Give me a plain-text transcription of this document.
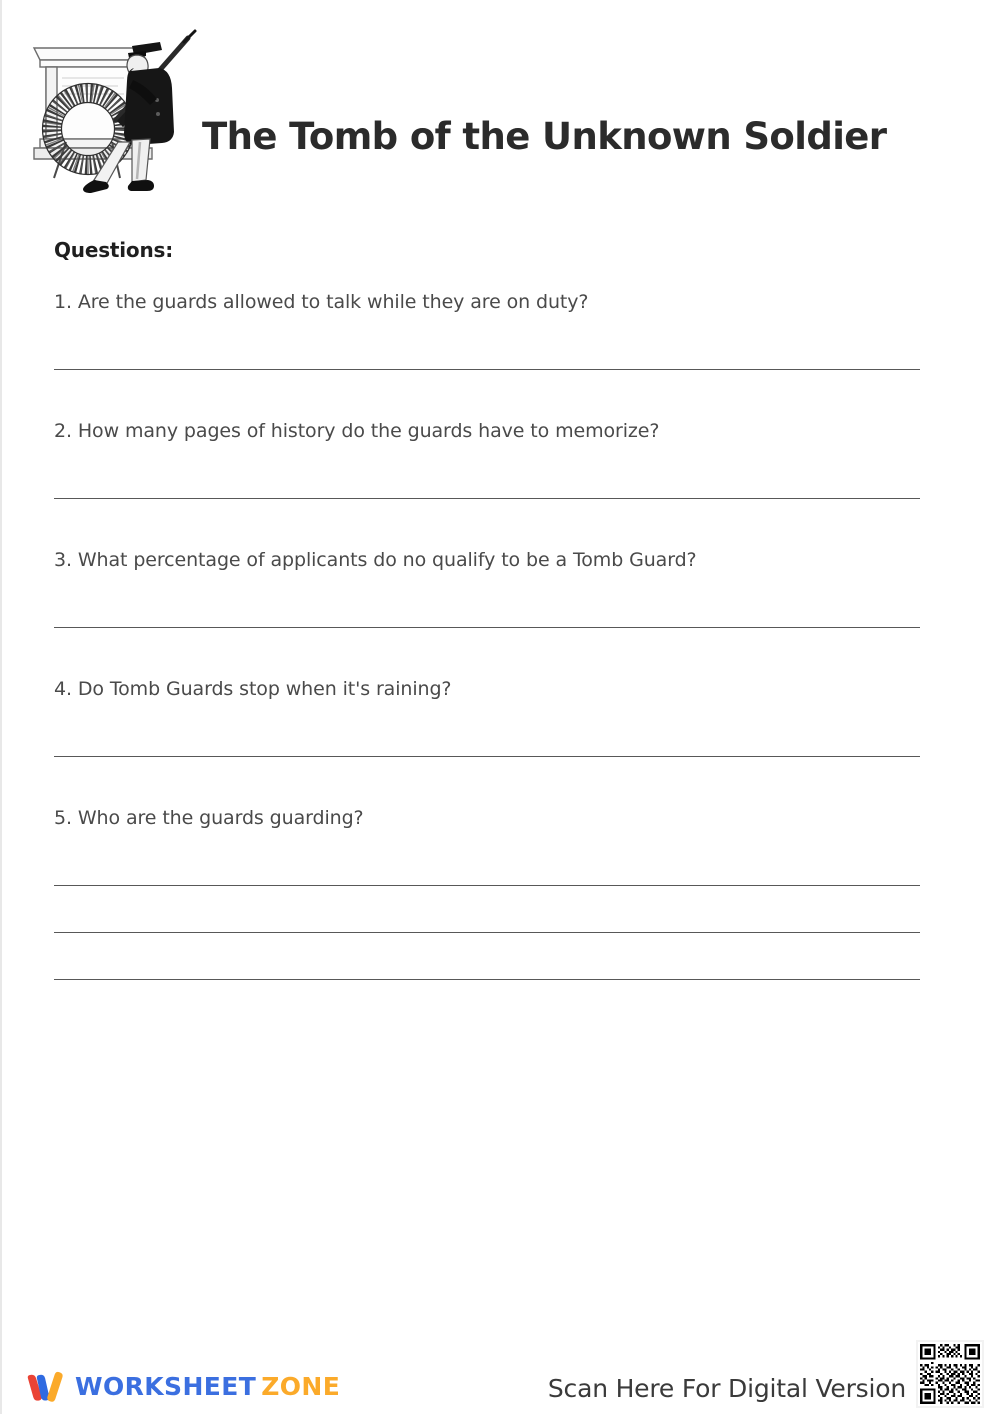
The Tomb of the Unknown Soldier
Questions:
1. Are the guards allowed to talk while they are on duty?
2. How many pages of history do the guards have to memorize?
3. What percentage of applicants do no qualify to be a Tomb Guard?
4. Do Tomb Guards stop when it's raining?
5. Who are the guards guarding?
WORKSHEET ZONE	Scan Here For Digital Version
